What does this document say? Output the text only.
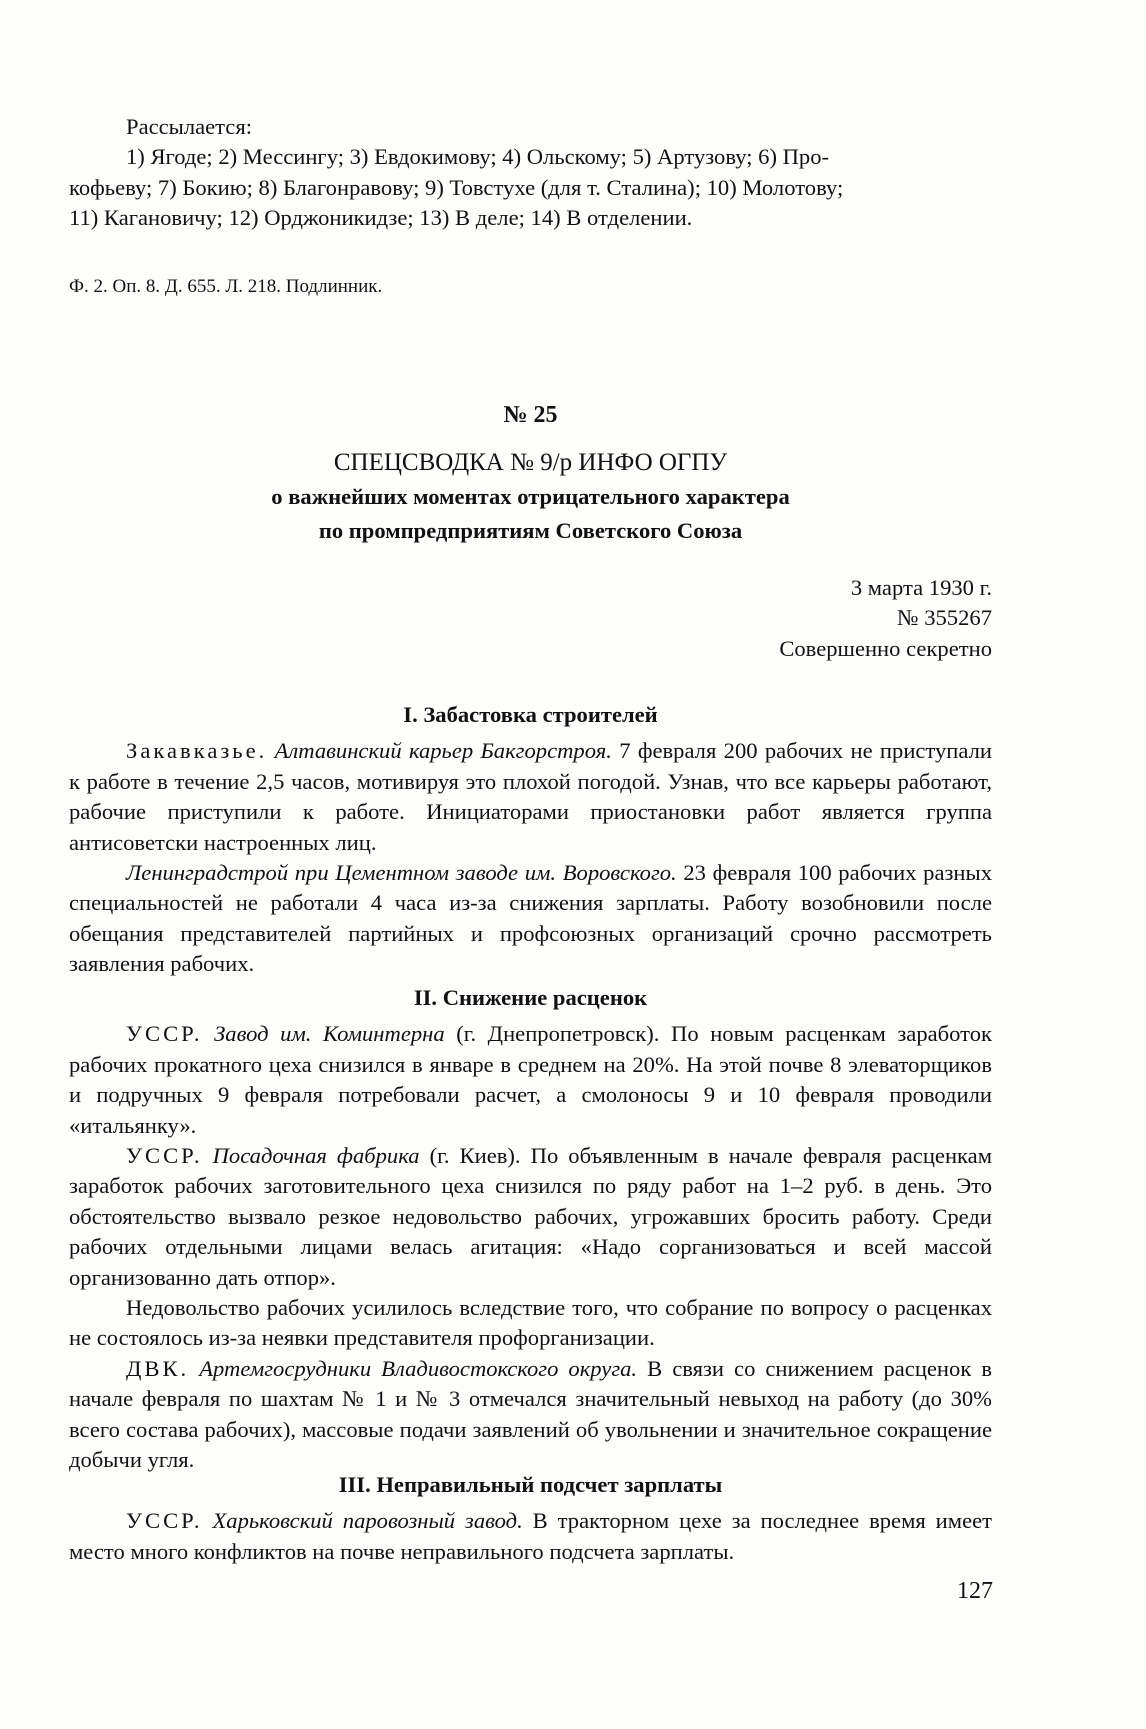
Рассылается:

1) Ягоде; 2) Мессингу; 3) Евдокимову; 4) Ольскому; 5) Артузову; 6) Про-

кофьеву; 7) Бокию; 8) Благонравову; 9) Товстухе (для т. Сталина); 10) Молотову;

11) Кагановичу; 12) Орджоникидзе; 13) В деле; 14) В отделении.

Ф. 2. Оп. 8. Д. 655. Л. 218. Подлинник.

№ 25

СПЕЦСВОДКА № 9/р ИНФО ОГПУ

о важнейших моментах отрицательного характера

по промпредприятиям Советского Союза

3 марта 1930 г.

№ 355267

Совершенно секретно

I. Забастовка строителей

Закавказье. Алтавинский карьер Бакгорстроя. 7 февраля 200 рабочих не приступали к работе в течение 2,5 часов, мотивируя это плохой погодой. Узнав, что все карьеры работают, рабочие приступили к работе. Инициаторами приостановки работ является группа антисоветски настроенных лиц.

Ленинградстрой при Цементном заводе им. Воровского. 23 февраля 100 рабочих разных специальностей не работали 4 часа из-за снижения зарплаты. Работу возобновили после обещания представителей партийных и профсоюзных организаций срочно рассмотреть заявления рабочих.

II. Снижение расценок

УССР. Завод им. Коминтерна (г. Днепропетровск). По новым расценкам заработок рабочих прокатного цеха снизился в январе в среднем на 20%. На этой почве 8 элеваторщиков и подручных 9 февраля потребовали расчет, а смолоносы 9 и 10 февраля проводили «итальянку».

УССР. Посадочная фабрика (г. Киев). По объявленным в начале февраля расценкам заработок рабочих заготовительного цеха снизился по ряду работ на 1–2 руб. в день. Это обстоятельство вызвало резкое недовольство рабочих, угрожавших бросить работу. Среди рабочих отдельными лицами велась агитация: «Надо сорганизоваться и всей массой организованно дать отпор».

Недовольство рабочих усилилось вследствие того, что собрание по вопросу о расценках не состоялось из-за неявки представителя профорганизации.

ДВК. Артемгосрудники Владивостокского округа. В связи со снижением расценок в начале февраля по шахтам № 1 и № 3 отмечался значительный невыход на работу (до 30% всего состава рабочих), массовые подачи заявлений об увольнении и значительное сокращение добычи угля.

III. Неправильный подсчет зарплаты

УССР. Харьковский паровозный завод. В тракторном цехе за последнее время имеет место много конфликтов на почве неправильного подсчета зарплаты.

127
